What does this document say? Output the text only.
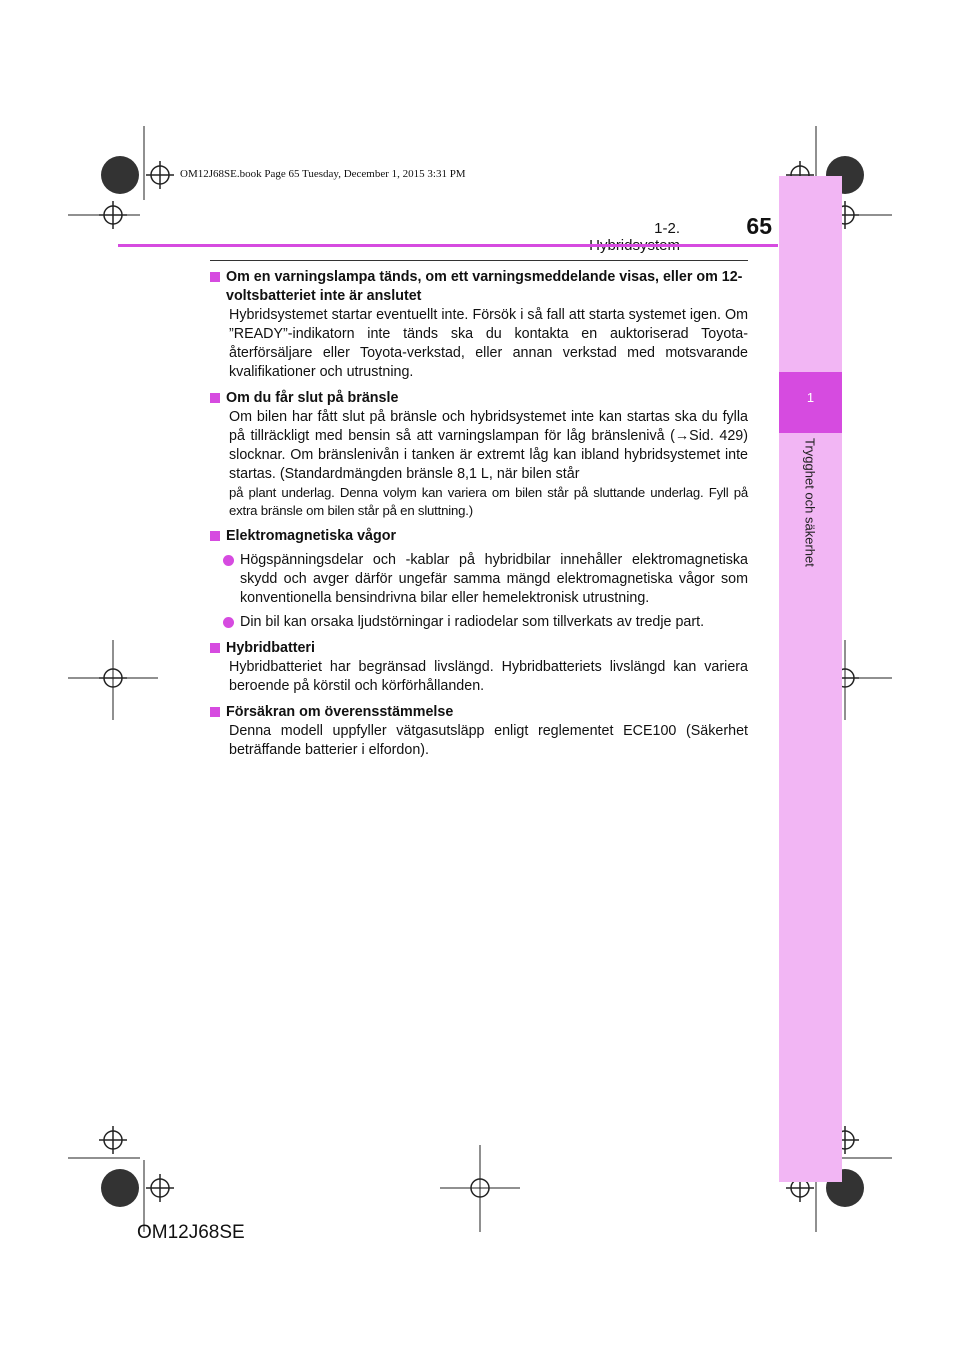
1
Trygghet och säkerhet
OM12J68SE.book Page 65 Tuesday, December 1, 2015 3:31 PM
1-2.	65
Om en varningslampa tänds, om ett varningsmeddelande visas, eller om 12-voltsbatteriet inte är anslutet
Hybridsystemet startar eventuellt inte. Försök i så fall att starta systemet igen. Om ”READY”-indikatorn inte tänds ska du kontakta en auktoriserad Toyota-återförsäljare eller Toyota-verkstad, eller annan verkstad med motsvarande kvalifikationer och utrustning.
Om du får slut på bränsle
Om bilen har fått slut på bränsle och hybridsystemet inte kan startas ska du fylla på tillräckligt med bensin så att varningslampan för låg bränslenivå (→Sid. 429) slocknar. Om bränslenivån i tanken är extremt låg kan ibland hybridsystemet inte startas. (Standardmängden bränsle 8,1 L, när bilen står
på plant underlag. Denna volym kan variera om bilen står på sluttande underlag. Fyll på extra bränsle om bilen står på en sluttning.)
Elektromagnetiska vågor
Högspänningsdelar och -kablar på hybridbilar innehåller elektromagnetiska skydd och avger därför ungefär samma mängd elektromagnetiska vågor som konventionella bensindrivna bilar eller hemelektronisk utrustning.
Din bil kan orsaka ljudstörningar i radiodelar som tillverkats av tredje part.
Hybridbatteri
Hybridbatteriet har begränsad livslängd. Hybridbatteriets livslängd kan variera beroende på körstil och körförhållanden.
Försäkran om överensstämmelse
Denna modell uppfyller vätgasutsläpp enligt reglementet ECE100 (Säkerhet beträffande batterier i elfordon).
OM12J68SE
